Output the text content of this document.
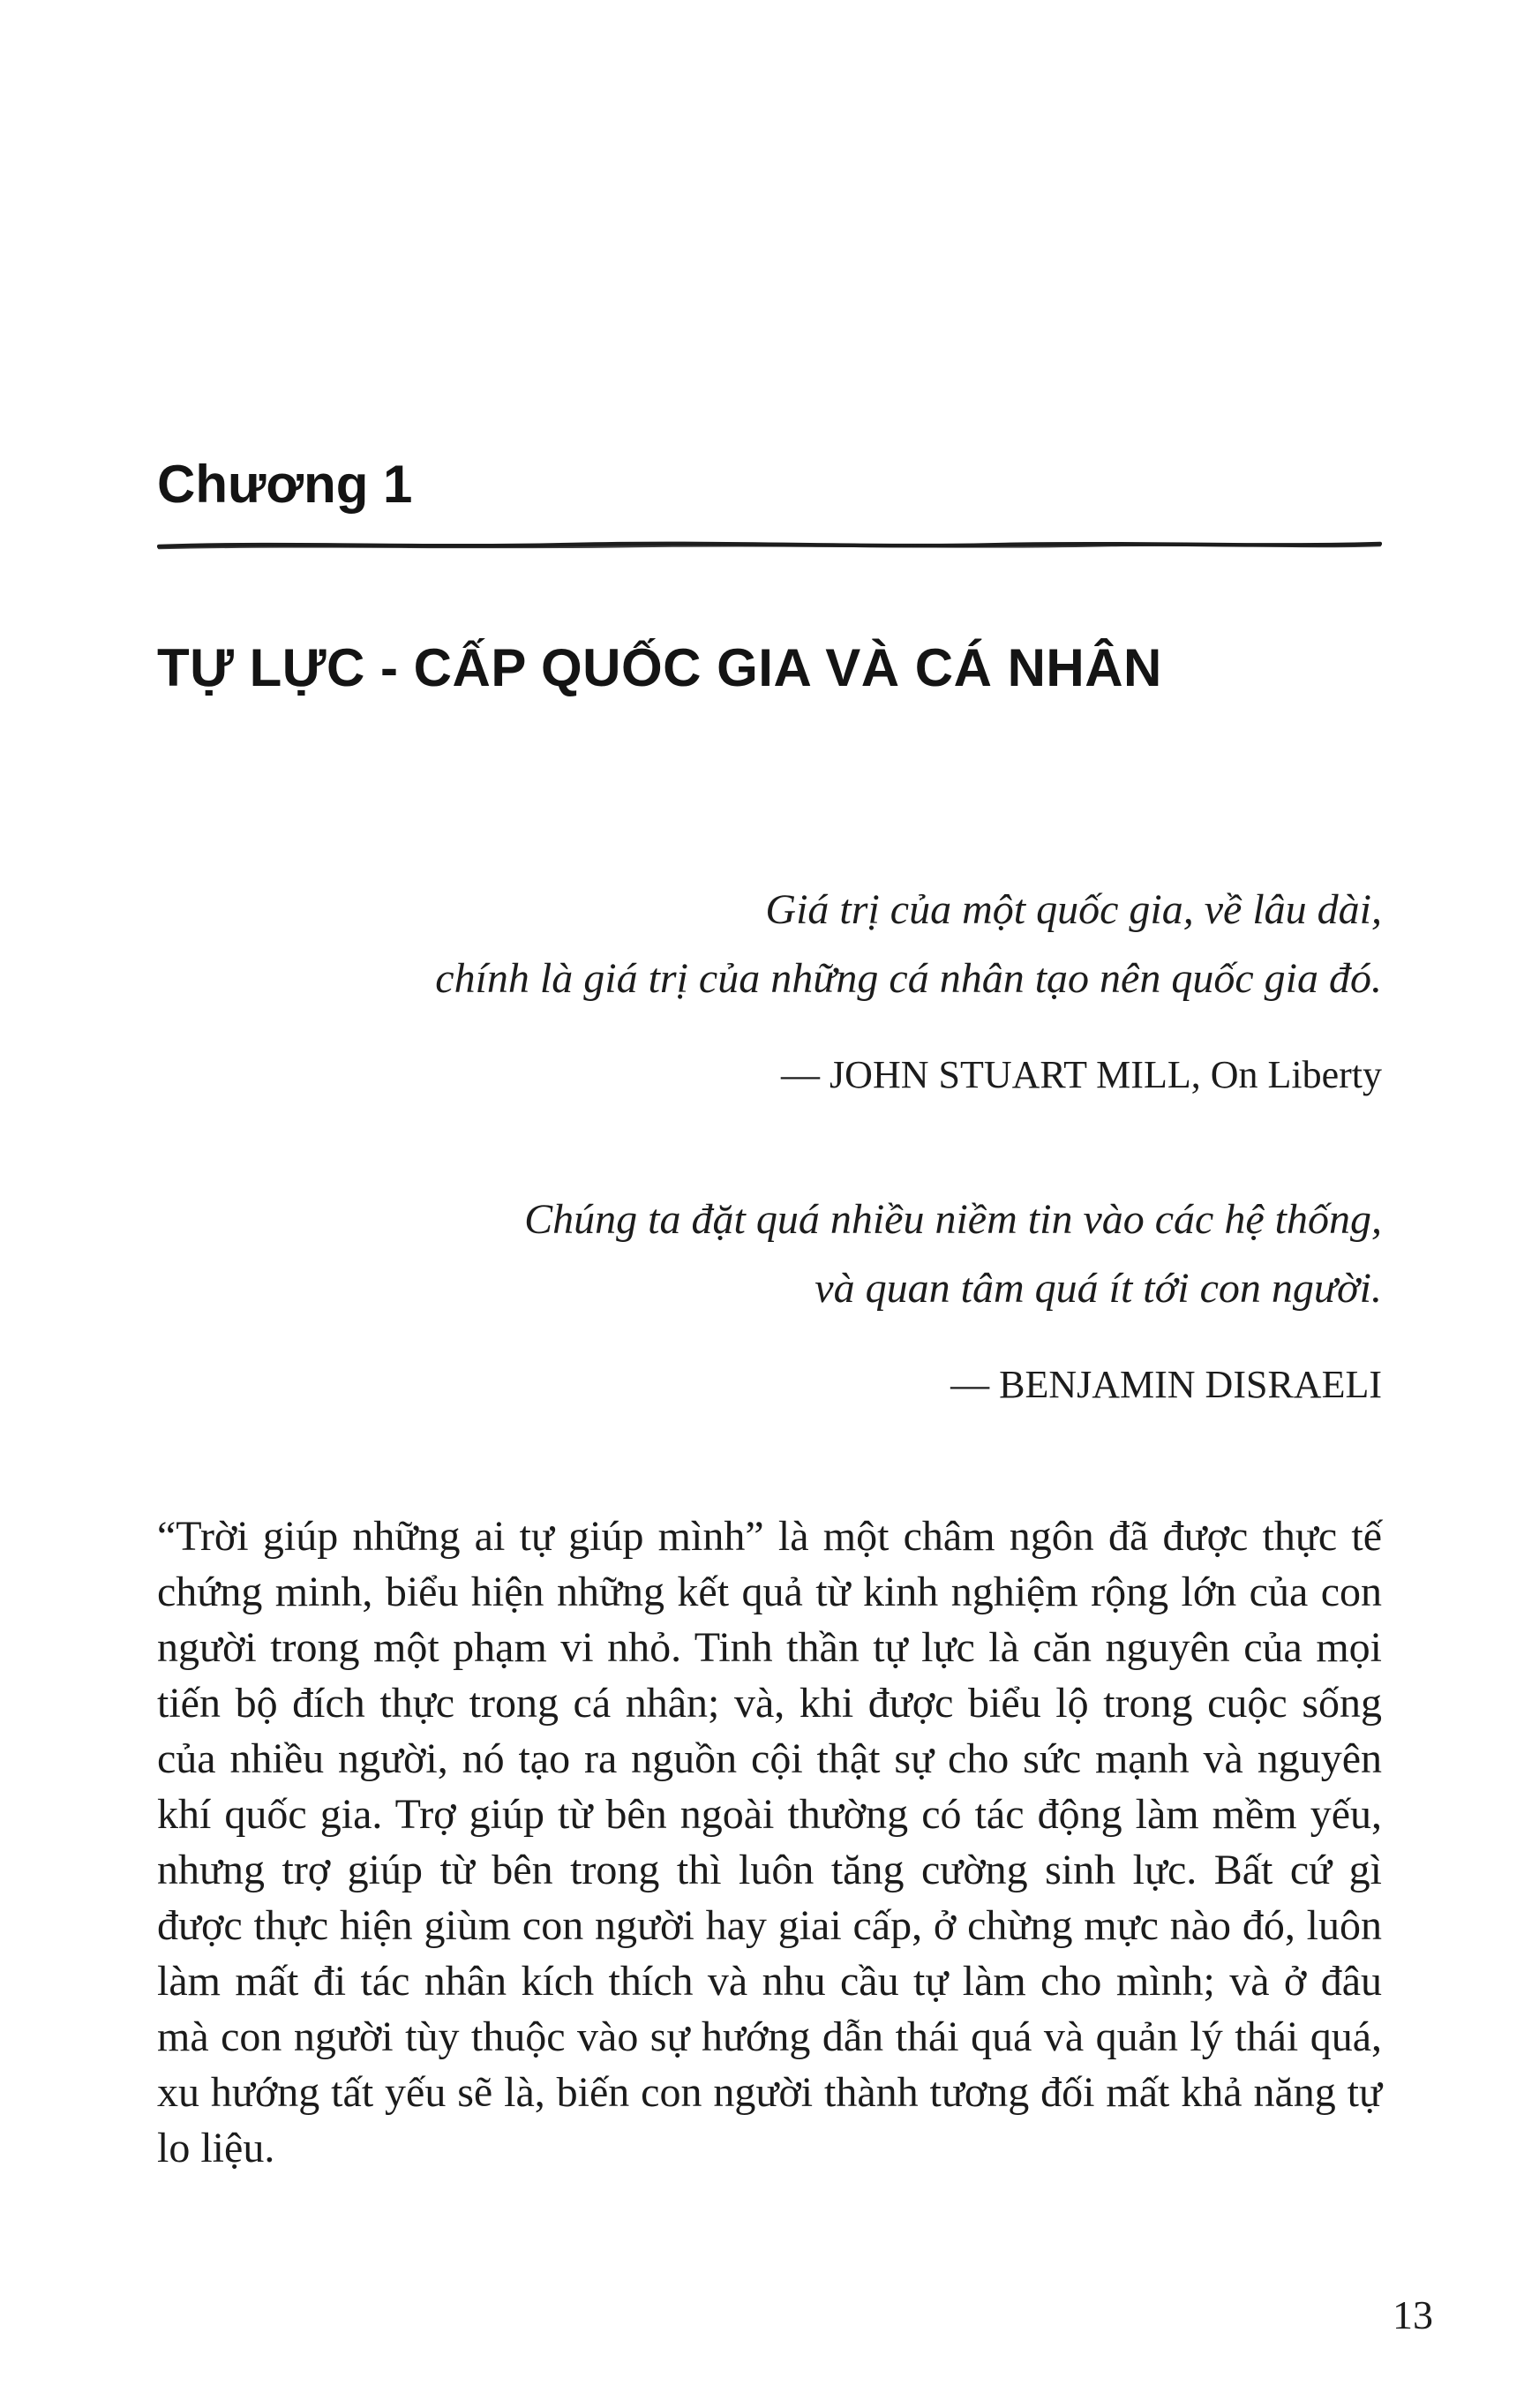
Chương 1
TỰ LỰC - CẤP QUỐC GIA VÀ CÁ NHÂN
Giá trị của một quốc gia, về lâu dài,
chính là giá trị của những cá nhân tạo nên quốc gia đó.
— JOHN STUART MILL, On Liberty
Chúng ta đặt quá nhiều niềm tin vào các hệ thống,
và quan tâm quá ít tới con người.
— BENJAMIN DISRAELI

“Trời giúp những ai tự giúp mình” là một châm ngôn đã được thực tế chứng minh, biểu hiện những kết quả từ kinh nghiệm rộng lớn của con người trong một phạm vi nhỏ. Tinh thần tự lực là căn nguyên của mọi tiến bộ đích thực trong cá nhân; và, khi được biểu lộ trong cuộc sống của nhiều người, nó tạo ra nguồn cội thật sự cho sức mạnh và nguyên khí quốc gia. Trợ giúp từ bên ngoài thường có tác động làm mềm yếu, nhưng trợ giúp từ bên trong thì luôn tăng cường sinh lực. Bất cứ gì được thực hiện giùm con người hay giai cấp, ở chừng mực nào đó, luôn làm mất đi tác nhân kích thích và nhu cầu tự làm cho mình; và ở đâu mà con người tùy thuộc vào sự hướng dẫn thái quá và quản lý thái quá, xu hướng tất yếu sẽ là, biến con người thành tương đối mất khả năng tự lo liệu.

13
